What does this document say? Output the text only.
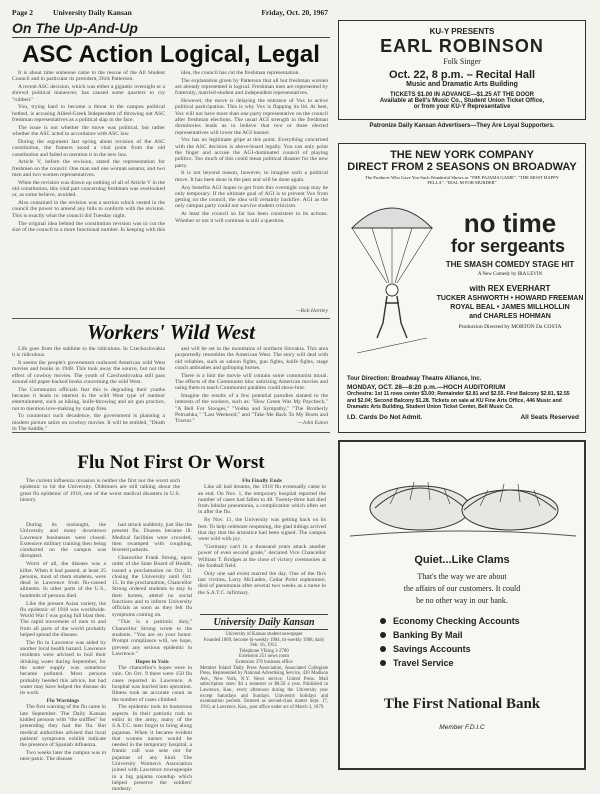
Page 2	University Daily Kansan	Friday, Oct. 20, 1967
On The Up-And-Up
ASC Action Logical, Legal

It is about time someone came to the rescue of the All Student Council and in particular its president, Dick Patterson.

A recent ASC decision, which was either a gigantic oversight or a shrewd political maneuver, has caused some quarters to cry "rubbed."

You, trying hard to become a threat in the campus political hotbed, is accusing Allied-Greek Independent of throwing out ASC freshman representatives as a political slap in the face.

The issue is not whether the move was political, but rather whether the ASC acted in accordance with ASC law.

During the argument last spring about revision of the ASC constitution, the framers stood a vital point from the old constitution and failed to mention it in the new law.

Article V, before the revision, stated the representation for freshmen on the council: One man and one woman senator, and two men and two women representatives.

When the revision was drawn up nothing of all of Article V in the old constitution, this vital part concerning freshmen was overlooked or, as some believe, avoided.

Also contained in the revision was a section which vested in the council the power to amend any bills to conform with the revision. This is exactly what the council did Tuesday night.

The original idea behind the constitution revision was to cut the size of the council to a more functional number. In keeping with this

idea, the council has cut the freshman representation.

The explanation given by Patterson that all but freshman women are already represented is logical. Freshman men are represented by fraternity, married-student and independent representatives.

However, the move is delaying the entrance of Vox to active political participation. This is why Vox is flapping its lid. At best, Vox will not have more than one party representative on the council after freshman elections. The usual AGI strength in the freshman dormitories leads us to believe that two or three elected representatives will lower the AGI banner.

Vox has no legitimate gripe at this point. Everything concerned with the ASC decision is above-board legally. You can only point the finger and accuse the AGI-dominated council of playing politics. Too much of this could mean political disaster for the new party.

It is not beyond reason, however, to imagine such a political move. It has been done in the past and will be done again.

Any benefits AGI hopes to get from this overnight coup may be only temporary. If the ultimate goal of AGI is to prevent Vox from getting on the council, the idea will certainly backfire. AGI as the only campus party could not survive student criticism.

At least the council so far has been consistent in its actions. Whether or not it will continue is still a question.

—Bob Hartley
Workers' Wild West

Life goes from the sublime to the ridiculous. In Czechoslovakia it is ridiculous.

It seems the people's government outlawed American wild West movies and books in 1948. This took away the source, but not the effect of cowboy movies. The youth of Czechoslovakia still pass around old paper-backed books concerning the wild West.

The Communist officials fear this is degrading their youths because it leads to interest in the wild West type of outdoor entertainment, such as hiking, knife-throwing and air gun practice, not to mention love-making by camp fires.

To counteract such decadence, the government is planning a modern picture satire on cowboy movies. It will be entitled, "Death In The Saddle,"

and will be set in the mountains of northern Slovakia. This area purportedly resembles the American West. The story will deal with old reliables, such as saloon fights, gun fights, knife fights, stage coach ambushes and galloping horses.

There is a hint the movie will contain some communist moral. The effects of the Communist bloc satirizing American movies and using them to teach Communist parables could show-hint.

Imagine the results of a few potential parodies slanted to the interests of the workers, such as: "How Green Was My Paycheck," "A Bell For Stooges," "Vodka and Sympathy," "The Brotherly Petrushka," "Last Weekend," and "Take Me Back To My Boots and Tractor."	—John Eaton
Flu Not First Or Worst
The current influenza invasion is neither the first nor the worst such epidemic to hit the University. Oldtimers are still talking about the great flu epidemic of 1918, one of the worst medical disasters in U.S. history.

During its onslaught, the University and many downtown Lawrence businesses were closed. Extensive military training then being conducted on the campus was disrupted.

Worst of all, the disease was a killer. When it had passed, at least 25 persons, most of them students, were dead in Lawrence from flu-caused ailments. In other parts of the U.S., hundreds of persons died.

Like the present Asian variety, the flu epidemic of 1918 was worldwide. World War I was going full blast then. The rapid movement of men to and from all parts of the world probably helped spread the disease.

The flu in Lawrence was aided by another local health hazard. Lawrence residents were advised to boil their drinking water during September, for the water supply was somehow became polluted. Most persons probably heeded this advice, but had water may have helped the disease do its work.

Flu Warnings

The first warning of the flu came in late September. The Daily Kansan kidded persons with "the sniffles" for pretending they had the flu. But medical authorities advised that local patients' symptoms exhibit indicate the presence of Spanish influenza.

Two weeks later the campus was in near-panic. The disease

had struck suddenly, just like the present flu. Dozens became ill. Medical facilities were crowded, then swamped with coughing, fevered patients.

Chancellor Frank Strong, upon order of the State Board of Health, issued a proclamation on Oct. 11 closing the University until Oct. 15. In the proclamation, Chancellor Strong ordered students to stay in their homes, attend no social functions and to inform University officials as soon as they felt flu symptoms coming on.

"This is a patriotic duty," Chancellor Strong wrote to the students. "You are on your honor. Prompt compliance will, we hope, prevent any serious epidemic in Lawrence."

Hopes in Vain

The chancellor's hopes were in vain. On Oct. 9 there were 150 flu cases reported in Lawrence. A hospital was hurried into operation. Illness took an accurate count as the number of cases climbed.

The epidemic took its humorous aspects. In their patriotic rush to enlist in the army, many of the S.A.T.C. men forgot to bring along pajamas. When it became evident that women nurses would be needed in the temporary hospital, a frantic call was sent out for pajamas of any kind. The University Women's Association joined with Lawrence townspeople in a big pajama roundup which helped preserve the soldiers' modesty.

Flu Finally Ends

Like all bad dreams, the 1918 flu eventually came to an end. On Nov. 1, the temporary hospital reported the number of cases had fallen to 48. Twenty-three had died from lobular pneumonia, a complication which often set in after the flu.

By Nov. 11, the University was getting back on its feet. To help celebrate reopening, the glad tidings arrived that day that the armistice had been signed. The campus went wild with joy.

"Germany can't in a thousand years attack another power of even second grade," declared Vice Chancellor William T. Bridges at the close of victory ceremonies at the football field.

Only one sad event marred the day. One of the flu's last victims, Larry McLaden, Cedar Point sophomore, died of pneumonia after several two weeks as a nurse in the S.A.T.C. infirmary.

KU-Y PRESENTS
EARL ROBINSON
Folk Singer
Oct. 22, 8 p.m. – Recital Hall
Music and Dramatic Arts Building
TICKETS $1.00 IN ADVANCE—$1.25 AT THE DOOR
Available at Bell's Music Co., Student Union Ticket Office,
or from your KU-Y Representative
Patronize Daily Kansan Advertisers—They Are Loyal Supporters.
THE NEW YORK COMPANY
DIRECT FROM 2 SEASONS ON BROADWAY
The Producer Who Gave You Such Wonderful Shows as "THE PAJAMA GAME", "THE MOST HAPPY FELLA", "DIAL M FOR MURDER"
no time
for sergeants
THE SMASH COMEDY STAGE HIT
A New Comedy by IRA LEVIN
with REX EVERHART
TUCKER ASHWORTH • HOWARD FREEMAN
ROYAL BEAL • JAMES MILLHOLLIN
and CHARLES HOHMAN
Production Directed by MORTON Da COSTA
Tour Direction: Broadway Theatre Alliance, Inc.
MONDAY, OCT. 28—8:20 p.m.—HOCH AUDITORIUM
Orchestra: 1st 11 rows center $3.00; Remainder $2.81 and $2.55. First Balcony $2.81, $2.55 and $2.04; Second Balcony $1.28. Tickets on sale at KU Fine Arts Office, 446 Music and Dramatic Arts Building, Student Union Ticket Center, Bell Music Co.
I.D. Cards Do Not Admit.	All Seats Reserved
Quiet...Like Clams
That's the way we are about
the affairs of our customers. It could
be no other way in our bank.
Economy Checking Accounts
Banking By Mail
Savings Accounts
Travel Service
The First National Bank
Member F.D.I.C
University Daily Kansan
University of Kansas student newspaper
Founded 1889, become bi-weekly 1904, tri-weekly 1908, daily Feb. 16, 1912.
Telephone VIking 3-2700
Extension 251 news room
Extension 376 business office
Member Inland Daily Press Association, Associated Collegiate Press, Represented by National Advertising Service, 420 Madison Ave., New York, N.Y. News service: United Press. Mail subscription rates: $4 a semester or $8.50 a year. Published in Lawrence, Kan., every afternoon during the University year except Saturdays and Sundays. University holidays and examination periods. Entered as second-class matter Sept. 17, 1910, at Lawrence, Kan., post office under act of March 3, 1879.
